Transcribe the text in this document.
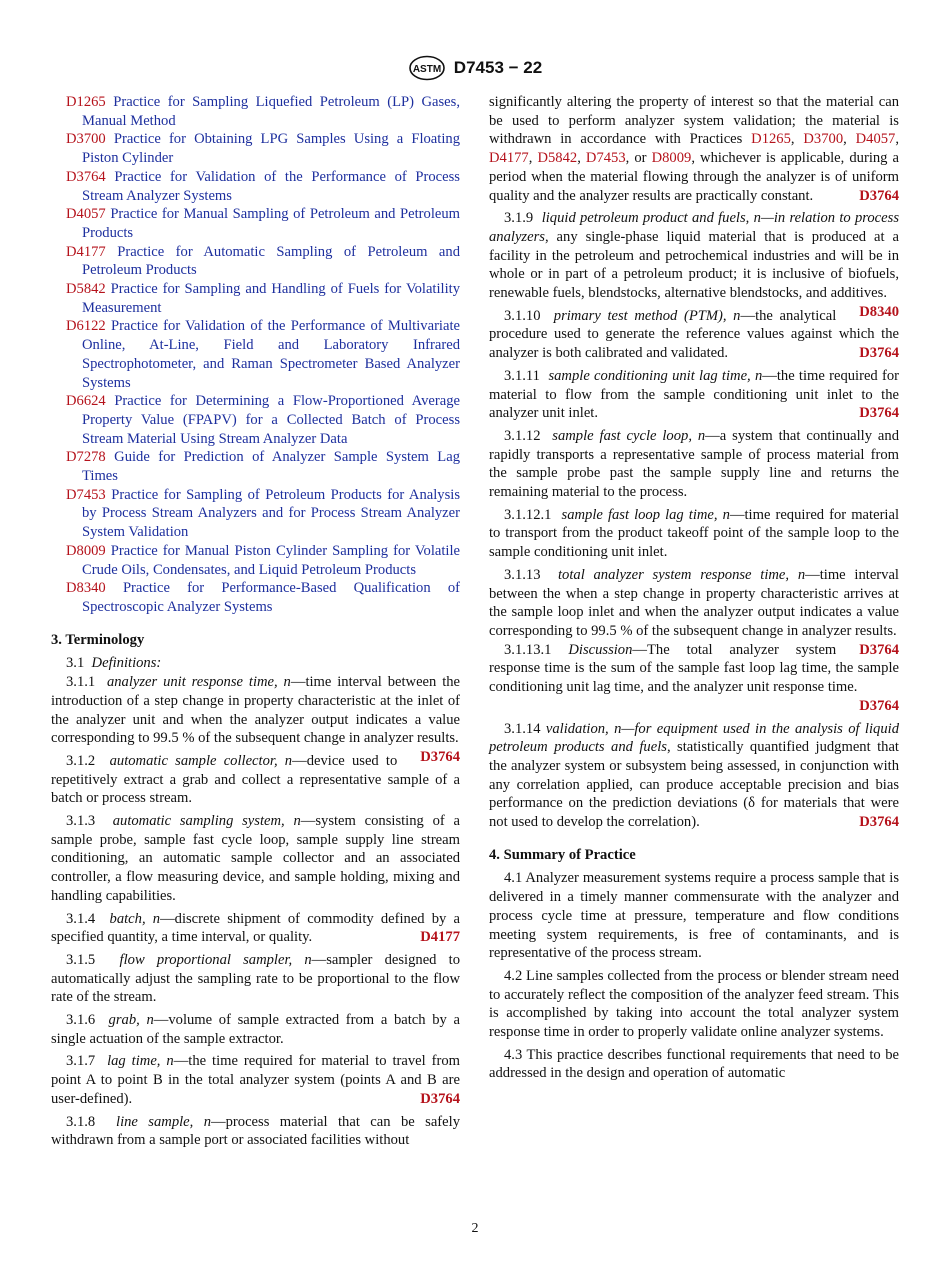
ASTM D7453 − 22
D1265 Practice for Sampling Liquefied Petroleum (LP) Gases, Manual Method
D3700 Practice for Obtaining LPG Samples Using a Floating Piston Cylinder
D3764 Practice for Validation of the Performance of Process Stream Analyzer Systems
D4057 Practice for Manual Sampling of Petroleum and Petroleum Products
D4177 Practice for Automatic Sampling of Petroleum and Petroleum Products
D5842 Practice for Sampling and Handling of Fuels for Volatility Measurement
D6122 Practice for Validation of the Performance of Multivariate Online, At-Line, Field and Laboratory Infrared Spectrophotometer, and Raman Spectrometer Based Analyzer Systems
D6624 Practice for Determining a Flow-Proportioned Average Property Value (FPAPV) for a Collected Batch of Process Stream Material Using Stream Analyzer Data
D7278 Guide for Prediction of Analyzer Sample System Lag Times
D7453 Practice for Sampling of Petroleum Products for Analysis by Process Stream Analyzers and for Process Stream Analyzer System Validation
D8009 Practice for Manual Piston Cylinder Sampling for Volatile Crude Oils, Condensates, and Liquid Petroleum Products
D8340 Practice for Performance-Based Qualification of Spectroscopic Analyzer Systems
3. Terminology
3.1 Definitions:
3.1.1 analyzer unit response time, n—time interval between the introduction of a step change in property characteristic at the inlet of the analyzer unit and when the analyzer output indicates a value corresponding to 99.5 % of the subsequent change in analyzer results.
D3764
3.1.2 automatic sample collector, n—device used to repetitively extract a grab and collect a representative sample of a batch or process stream.
3.1.3 automatic sampling system, n—system consisting of a sample probe, sample fast cycle loop, sample supply line stream conditioning, an automatic sample collector and an associated controller, a flow measuring device, and sample holding, mixing and handling capabilities.
3.1.4 batch, n—discrete shipment of commodity defined by a specified quantity, a time interval, or quality.	D4177
3.1.5 flow proportional sampler, n—sampler designed to automatically adjust the sampling rate to be proportional to the flow rate of the stream.
3.1.6 grab, n—volume of sample extracted from a batch by a single actuation of the sample extractor.
3.1.7 lag time, n—the time required for material to travel from point A to point B in the total analyzer system (points A and B are user-defined).	D3764
3.1.8 line sample, n—process material that can be safely withdrawn from a sample port or associated facilities without
significantly altering the property of interest so that the material can be used to perform analyzer system validation; the material is withdrawn in accordance with Practices D1265, D3700, D4057, D4177, D5842, D7453, or D8009, whichever is applicable, during a period when the material flowing through the analyzer is of uniform quality and the analyzer results are practically constant.	D3764
3.1.9 liquid petroleum product and fuels, n—in relation to process analyzers, any single-phase liquid material that is produced at a facility in the petroleum and petrochemical industries and will be in whole or in part of a petroleum product; it is inclusive of biofuels, renewable fuels, blendstocks, alternative blendstocks, and additives.
D8340
3.1.10 primary test method (PTM), n—the analytical procedure used to generate the reference values against which the analyzer is both calibrated and validated.	D3764
3.1.11 sample conditioning unit lag time, n—the time required for material to flow from the sample conditioning unit inlet to the analyzer unit inlet.	D3764
3.1.12 sample fast cycle loop, n—a system that continually and rapidly transports a representative sample of process material from the sample probe past the sample supply line and returns the remaining material to the process.
3.1.12.1 sample fast loop lag time, n—time required for material to transport from the product takeoff point of the sample loop to the sample conditioning unit inlet.
3.1.13 total analyzer system response time, n—time interval between the when a step change in property characteristic arrives at the sample loop inlet and when the analyzer output indicates a value corresponding to 99.5 % of the subsequent change in analyzer results.
D3764
3.1.13.1 Discussion—The total analyzer system response time is the sum of the sample fast loop lag time, the sample conditioning unit lag time, and the analyzer unit response time.
D3764
3.1.14 validation, n—for equipment used in the analysis of liquid petroleum products and fuels, statistically quantified judgment that the analyzer system or subsystem being assessed, in conjunction with any correlation applied, can produce acceptable precision and bias performance on the prediction deviations (δ for materials that were not used to develop the correlation).	D3764
4. Summary of Practice
4.1 Analyzer measurement systems require a process sample that is delivered in a timely manner commensurate with the analyzer and process cycle time at pressure, temperature and flow conditions meeting system requirements, is free of contaminants, and is representative of the process stream.
4.2 Line samples collected from the process or blender stream need to accurately reflect the composition of the analyzer feed stream. This is accomplished by taking into account the total analyzer system response time in order to properly validate online analyzer systems.
4.3 This practice describes functional requirements that need to be addressed in the design and operation of automatic
2
